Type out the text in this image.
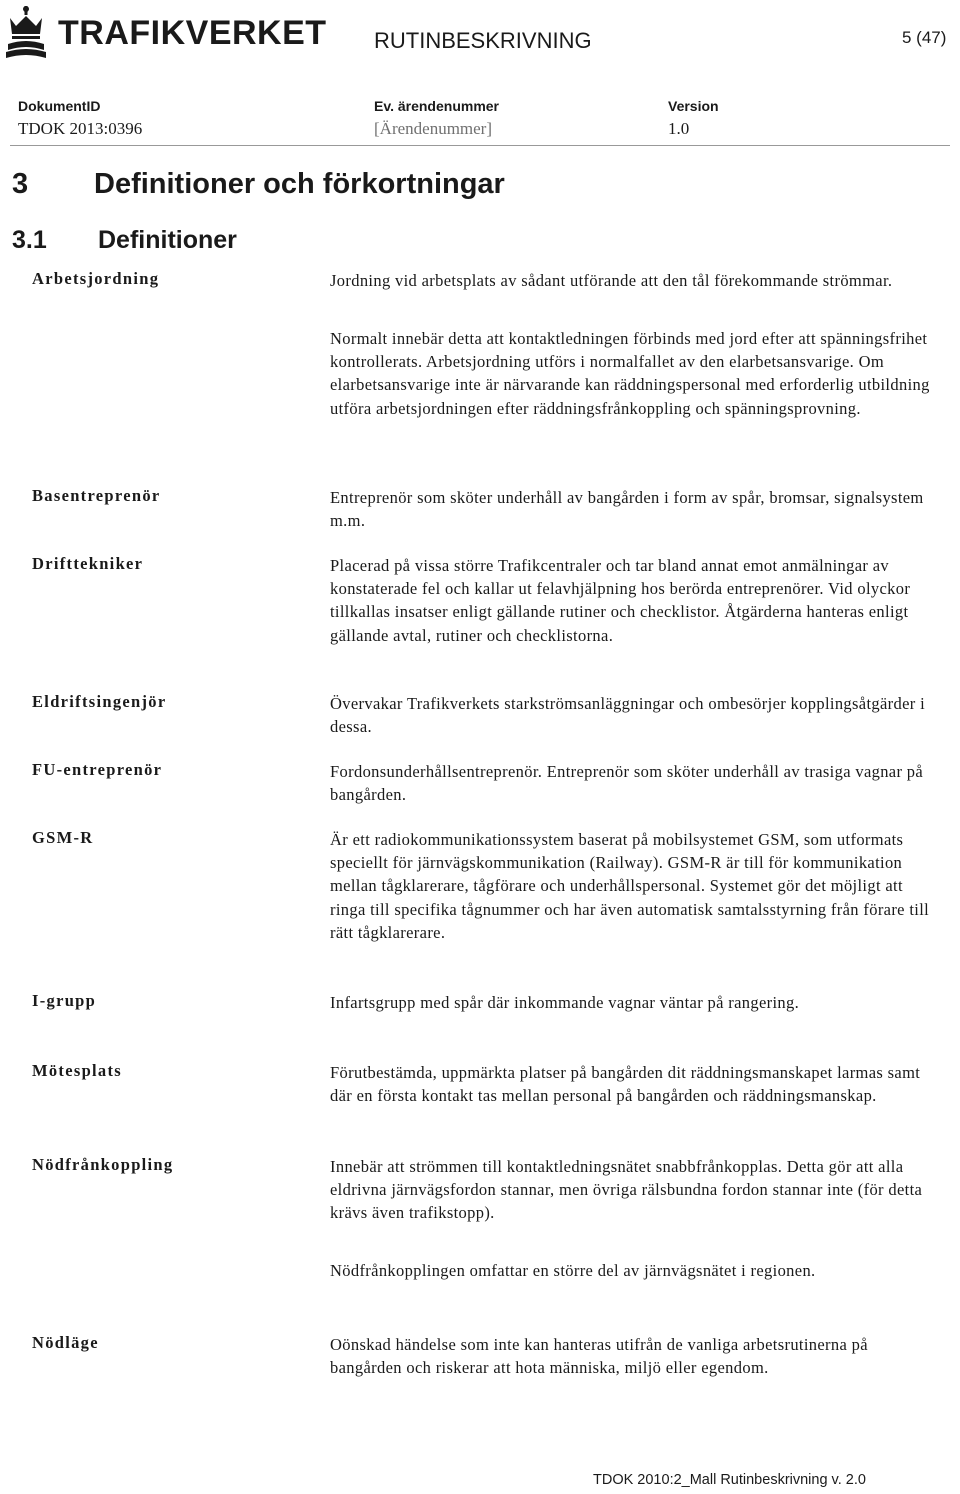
TRAFIKVERKET RUTINBESKRIVNING	5 (47)
DokumentID
TDOK 2013:0396
Ev. ärendenummer
[Ärendenummer]
Version
1.0
3 Definitioner och förkortningar
3.1 Definitioner
Arbetsjordning	Jordning vid arbetsplats av sådant utförande att den tål förekommande strömmar.

Normalt innebär detta att kontaktledningen förbinds med jord efter att spänningsfrihet kontrollerats. Arbetsjordning utförs i normalfallet av den elarbetsansvarige. Om elarbetsansvarige inte är närvarande kan räddningspersonal med erforderlig utbildning utföra arbetsjordningen efter räddningsfrånkoppling och spänningsprovning.

Basentreprenör	Entreprenör som sköter underhåll av bangården i form av spår, bromsar, signalsystem m.m.

Drifttekniker	Placerad på vissa större Trafikcentraler och tar bland annat emot anmälningar av konstaterade fel och kallar ut felavhjälpning hos berörda entreprenörer. Vid olyckor tillkallas insatser enligt gällande rutiner och checklistor. Åtgärderna hanteras enligt gällande avtal, rutiner och checklistorna.

Eldriftsingenjör	Övervakar Trafikverkets starkströmsanläggningar och ombesörjer kopplingsåtgärder i dessa.

FU-entreprenör	Fordonsunderhållsentreprenör. Entreprenör som sköter underhåll av trasiga vagnar på bangården.

GSM-R	Är ett radiokommunikationssystem baserat på mobilsystemet GSM, som utformats speciellt för järnvägskommunikation (Railway). GSM-R är till för kommunikation mellan tågklarerare, tågförare och underhållspersonal. Systemet gör det möjligt att ringa till specifika tågnummer och har även automatisk samtalsstyrning från förare till rätt tågklarerare.

I-grupp	Infartsgrupp med spår där inkommande vagnar väntar på rangering.

Mötesplats	Förutbestämda, uppmärkta platser på bangården dit räddningsmanskapet larmas samt där en första kontakt tas mellan personal på bangården och räddningsmanskap.

Nödfrånkoppling	Innebär att strömmen till kontaktledningsnätet snabbfrånkopplas. Detta gör att alla eldrivna järnvägsfordon stannar, men övriga rälsbundna fordon stannar inte (för detta krävs även trafikstopp).

Nödfrånkopplingen omfattar en större del av järnvägsnätet i regionen.

Nödläge	Oönskad händelse som inte kan hanteras utifrån de vanliga arbetsrutinerna på bangården och riskerar att hota människa, miljö eller egendom.

TDOK 2010:2_Mall Rutinbeskrivning v. 2.0
